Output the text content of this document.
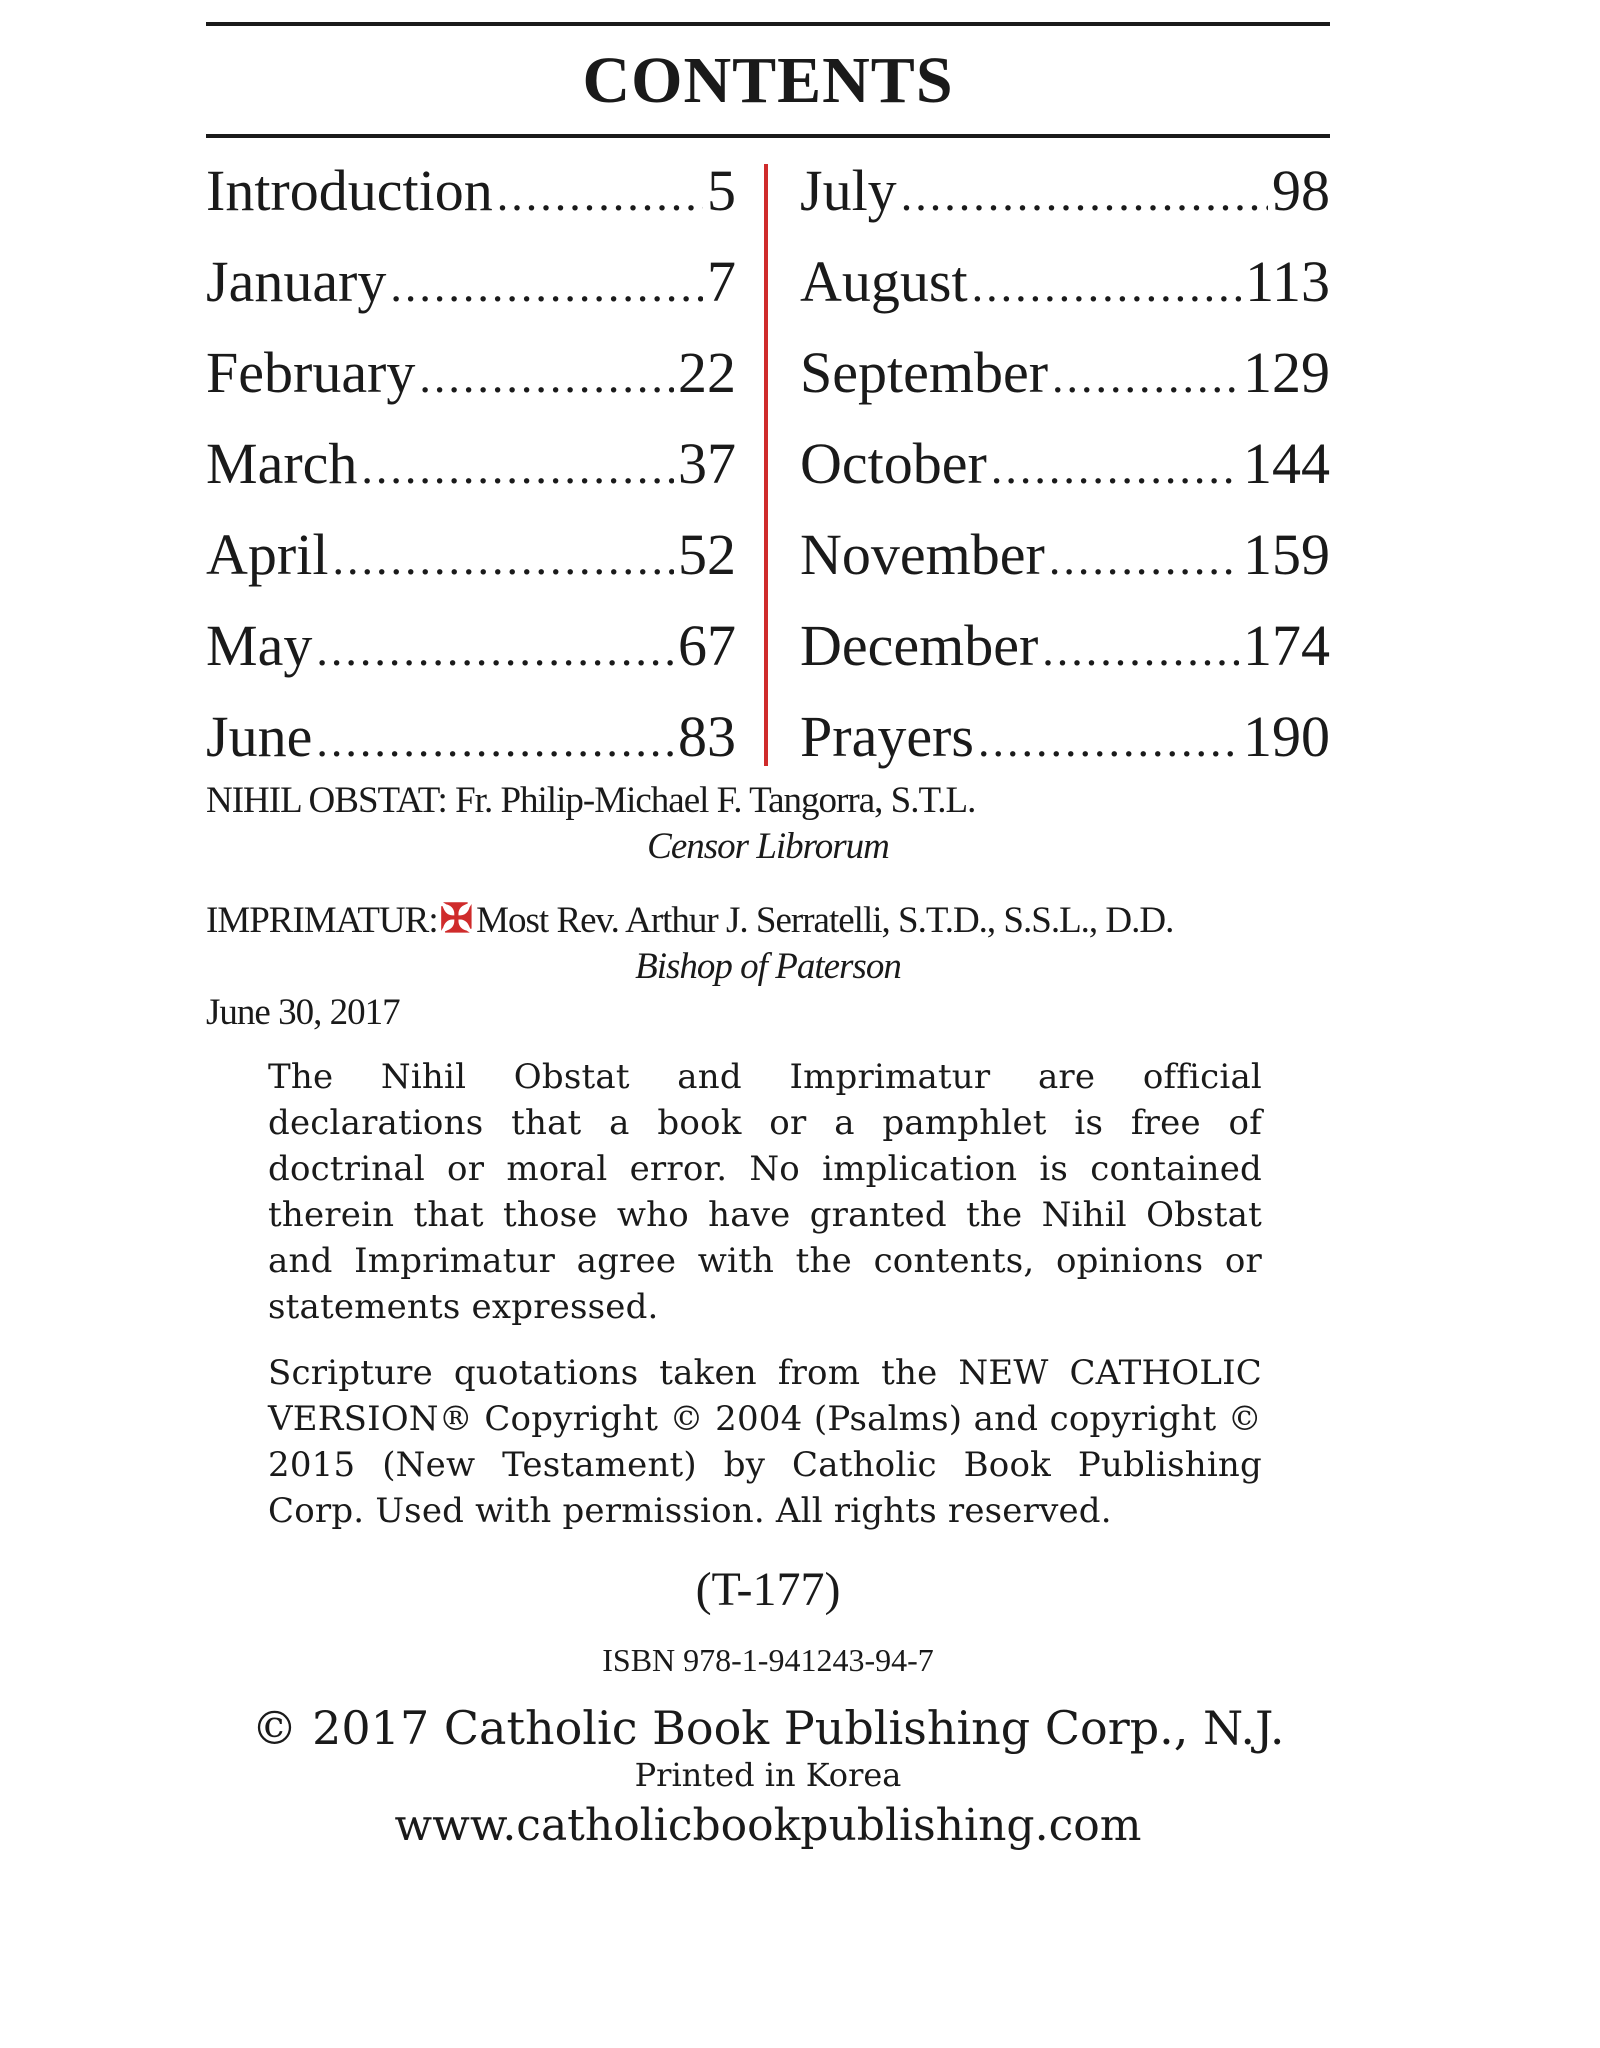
CONTENTS
Introduction .....	5
January .....	7
February .....	22
March .....	37
April .....	52
May .....	67
June .....	83
July .....	98
August .....	113
September .....	129
October .....	144
November .....	159
December .....	174
Prayers .....	190
NIHIL OBSTAT: Fr. Philip-Michael F. Tangorra, S.T.L.
Censor Librorum
IMPRIMATUR:✠ Most Rev. Arthur J. Serratelli, S.T.D., S.S.L., D.D.
Bishop of Paterson
June 30, 2017
The Nihil Obstat and Imprimatur are official declarations that a book or a pamphlet is free of doctrinal or moral error. No implication is contained therein that those who have granted the Nihil Obstat and Imprimatur agree with the contents, opinions or statements expressed.
Scripture quotations taken from the NEW CATHOLIC VERSION® Copyright © 2004 (Psalms) and copyright © 2015 (New Testament) by Catholic Book Publishing Corp. Used with permission. All rights reserved.
(T-177)
ISBN 978-1-941243-94-7
© 2017 Catholic Book Publishing Corp., N.J.
Printed in Korea
www.catholicbookpublishing.com
